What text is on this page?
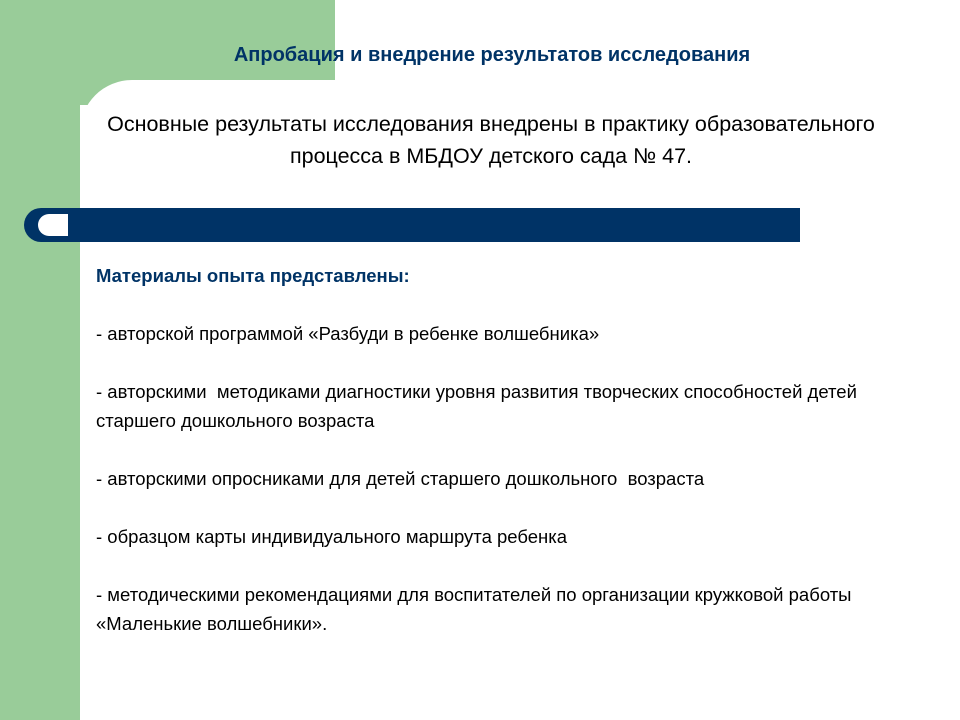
Апробация и внедрение результатов исследования

Основные результаты исследования внедрены в практику образовательного процесса в МБДОУ детского сада № 47.

Материалы опыта представлены:

- авторской программой «Разбуди в ребенке волшебника»

- авторскими  методиками диагностики уровня развития творческих способностей детей старшего дошкольного возраста

- авторскими опросниками для детей старшего дошкольного  возраста

- образцом карты индивидуального маршрута ребенка

- методическими рекомендациями для воспитателей по организации кружковой работы «Маленькие волшебники».
